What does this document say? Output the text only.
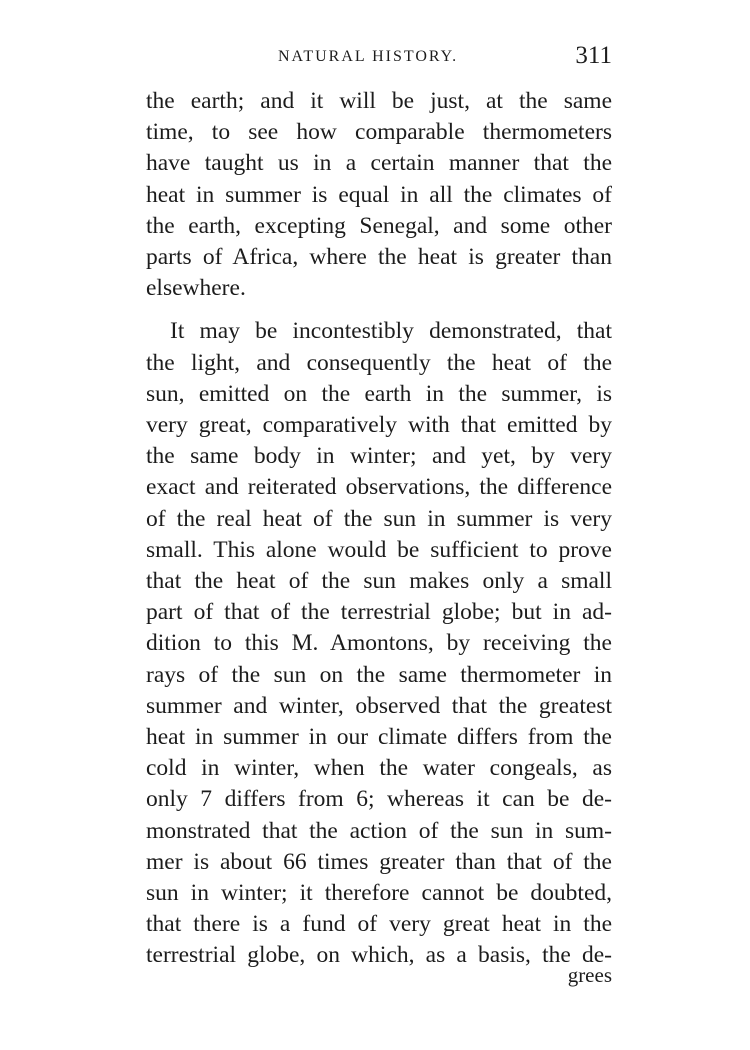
NATURAL HISTORY.	311
the earth; and it will be just, at the same
time, to see how comparable thermometers
have taught us in a certain manner that the
heat in summer is equal in all the climates of
the earth, excepting Senegal, and some other
parts of Africa, where the heat is greater than
elsewhere.
It may be incontestibly demonstrated, that
the light, and consequently the heat of the
sun, emitted on the earth in the summer, is
very great, comparatively with that emitted by
the same body in winter; and yet, by very
exact and reiterated observations, the difference
of the real heat of the sun in summer is very
small. This alone would be sufficient to prove
that the heat of the sun makes only a small
part of that of the terrestrial globe; but in ad-
dition to this M. Amontons, by receiving the
rays of the sun on the same thermometer in
summer and winter, observed that the greatest
heat in summer in our climate differs from the
cold in winter, when the water congeals, as
only 7 differs from 6; whereas it can be de-
monstrated that the action of the sun in sum-
mer is about 66 times greater than that of the
sun in winter; it therefore cannot be doubted,
that there is a fund of very great heat in the
terrestrial globe, on which, as a basis, the de-
grees
